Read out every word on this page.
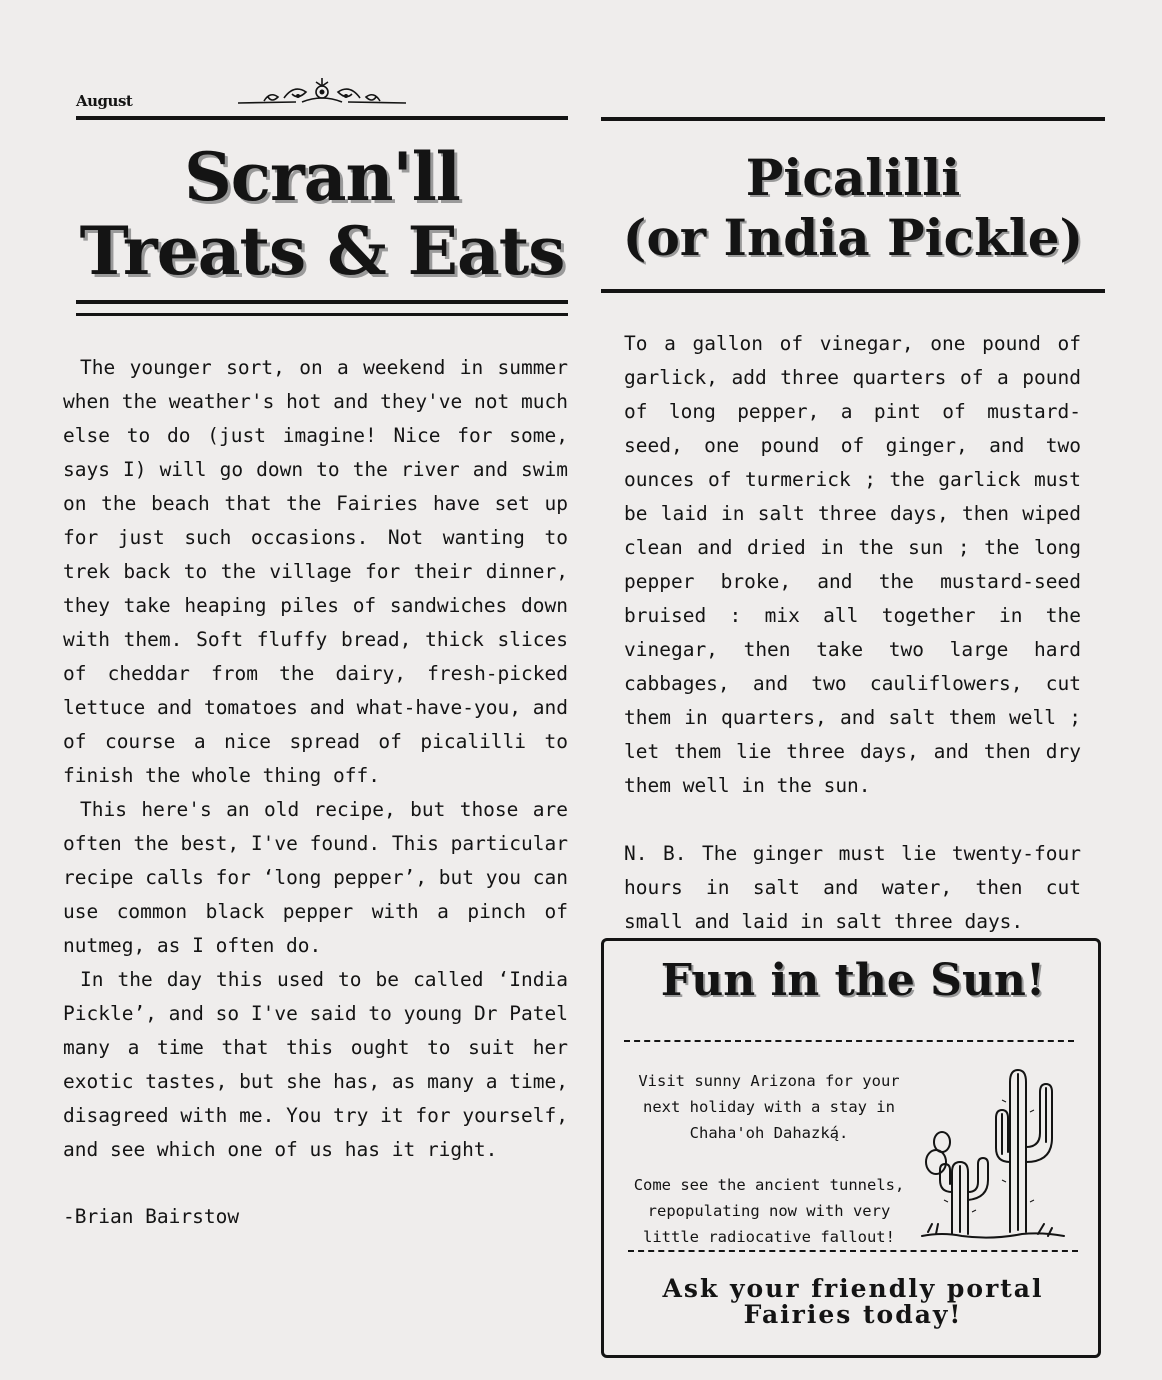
August
Scran'll
Treats & Eats
Picalilli
(or India Pickle)

The younger sort, on a weekend in summer when the weather's hot and they've not much else to do (just imagine! Nice for some, says I) will go down to the river and swim on the beach that the Fairies have set up for just such occasions. Not wanting to trek back to the village for their dinner, they take heaping piles of sandwiches down with them. Soft fluffy bread, thick slices of cheddar from the dairy, fresh-picked lettuce and tomatoes and what-have-you, and of course a nice spread of picalilli to finish the whole thing off.

This here's an old recipe, but those are often the best, I've found. This particular recipe calls for ‘long pepper’, but you can use common black pepper with a pinch of nutmeg, as I often do.

In the day this used to be called ‘India Pickle’, and so I've said to young Dr Patel many a time that this ought to suit her exotic tastes, but she has, as many a time, disagreed with me. You try it for yourself, and see which one of us has it right.

-Brian Bairstow

To a gallon of vinegar, one pound of garlick, add three quarters of a pound of long pepper, a pint of mustard-seed, one pound of ginger, and two ounces of turmerick ; the garlick must be laid in salt three days, then wiped clean and dried in the sun ; the long pepper broke, and the mustard-seed bruised : mix all together in the vinegar, then take two large hard cabbages, and two cauliflowers, cut them in quarters, and salt them well ; let them lie three days, and then dry them well in the sun.

N. B. The ginger must lie twenty-four hours in salt and water, then cut small and laid in salt three days.

Fun in the Sun!

Visit sunny Arizona for your next holiday with a stay in Chaha'oh Dahazką́.

Come see the ancient tunnels, repopulating now with very little radiocative fallout!

Ask your friendly portal
Fairies today!
